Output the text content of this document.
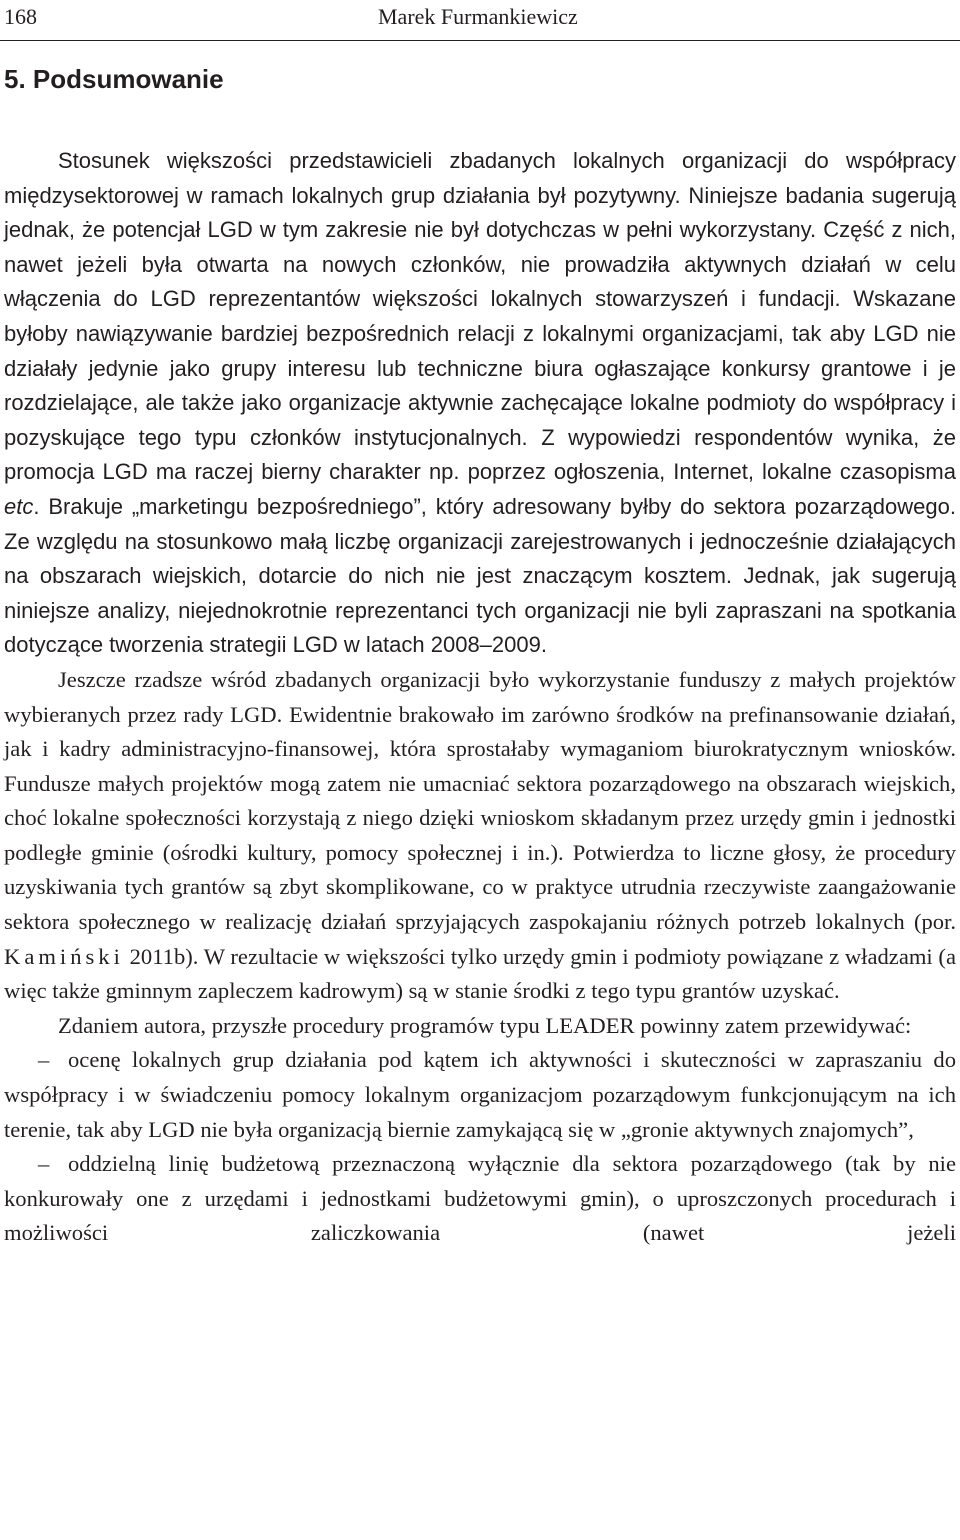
168	Marek Furmankiewicz
5. Podsumowanie

Stosunek większości przedstawicieli zbadanych lokalnych organizacji do współpracy międzysektorowej w ramach lokalnych grup działania był pozytywny. Niniejsze badania sugerują jednak, że potencjał LGD w tym zakresie nie był dotychczas w pełni wykorzystany. Część z nich, nawet jeżeli była otwarta na nowych członków, nie prowadziła aktywnych działań w celu włączenia do LGD reprezentantów większości lokalnych stowarzyszeń i fundacji. Wskazane byłoby nawiązywanie bardziej bezpośrednich relacji z lokalnymi organizacjami, tak aby LGD nie działały jedynie jako grupy interesu lub techniczne biura ogłaszające konkursy grantowe i je rozdzielające, ale także jako organizacje aktywnie zachęcające lokalne podmioty do współpracy i pozyskujące tego typu członków instytucjonalnych. Z wypowiedzi respondentów wynika, że promocja LGD ma raczej bierny charakter np. poprzez ogłoszenia, Internet, lokalne czasopisma etc. Brakuje „marketingu bezpośredniego”, który adresowany byłby do sektora pozarządowego. Ze względu na stosunkowo małą liczbę organizacji zarejestrowanych i jednocześnie działających na obszarach wiejskich, dotarcie do nich nie jest znaczącym kosztem. Jednak, jak sugerują niniejsze analizy, niejednokrotnie reprezentanci tych organizacji nie byli zapraszani na spotkania dotyczące tworzenia strategii LGD w latach 2008–2009.

Jeszcze rzadsze wśród zbadanych organizacji było wykorzystanie funduszy z małych projektów wybieranych przez rady LGD. Ewidentnie brakowało im zarówno środków na prefinansowanie działań, jak i kadry administracyjno-finansowej, która sprostałaby wymaganiom biurokratycznym wniosków. Fundusze małych projektów mogą zatem nie umacniać sektora pozarządowego na obszarach wiejskich, choć lokalne społeczności korzystają z niego dzięki wnioskom składanym przez urzędy gmin i jednostki podległe gminie (ośrodki kultury, pomocy społecznej i in.). Potwierdza to liczne głosy, że procedury uzyskiwania tych grantów są zbyt skomplikowane, co w praktyce utrudnia rzeczywiste zaangażowanie sektora społecznego w realizację działań sprzyjających zaspokajaniu różnych potrzeb lokalnych (por. Kamiński 2011b). W rezultacie w większości tylko urzędy gmin i podmioty powiązane z władzami (a więc także gminnym zapleczem kadrowym) są w stanie środki z tego typu grantów uzyskać.

Zdaniem autora, przyszłe procedury programów typu LEADER powinny zatem przewidywać:

– ocenę lokalnych grup działania pod kątem ich aktywności i skuteczności w zapraszaniu do współpracy i w świadczeniu pomocy lokalnym organizacjom pozarządowym funkcjonującym na ich terenie, tak aby LGD nie była organizacją biernie zamykającą się w „gronie aktywnych znajomych”,

– oddzielną linię budżetową przeznaczoną wyłącznie dla sektora pozarządowego (tak by nie konkurowały one z urzędami i jednostkami budżetowymi gmin), o uproszczonych procedurach i możliwości zaliczkowania (nawet jeżeli
